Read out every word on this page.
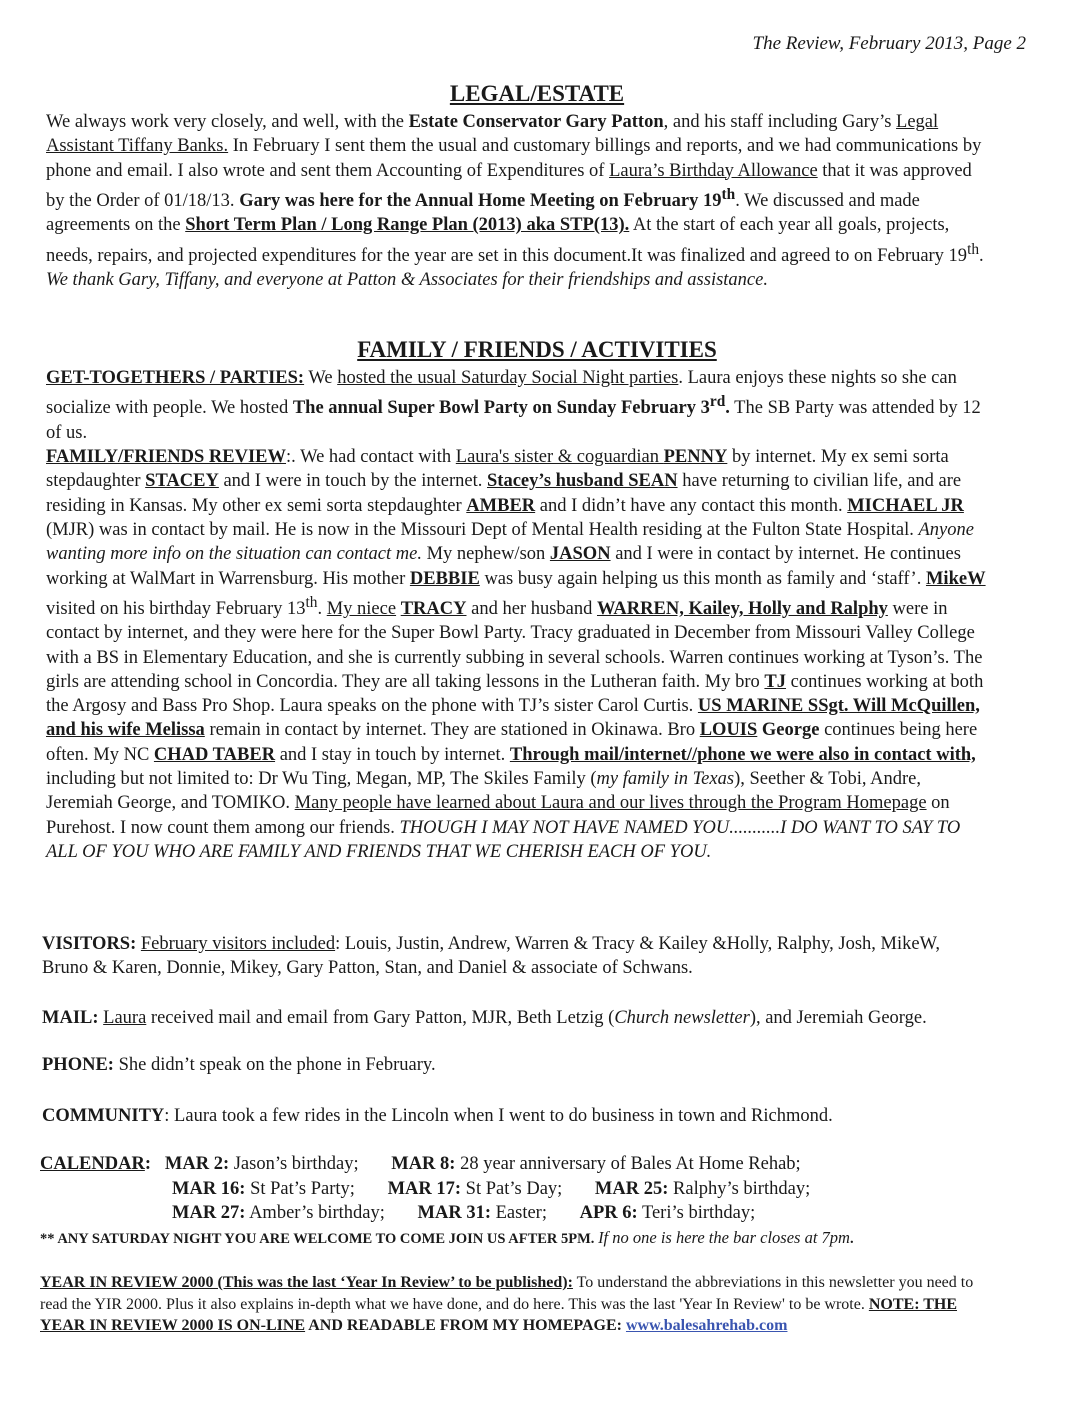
The Review, February 2013, Page 2
LEGAL/ESTATE

We always work very closely, and well, with the Estate Conservator Gary Patton, and his staff including Gary’s Legal Assistant Tiffany Banks. In February I sent them the usual and customary billings and reports, and we had communications by phone and email. I also wrote and sent them Accounting of Expenditures of Laura’s Birthday Allowance that it was approved by the Order of 01/18/13. Gary was here for the Annual Home Meeting on February 19th. We discussed and made agreements on the Short Term Plan / Long Range Plan (2013) aka STP(13). At the start of each year all goals, projects, needs, repairs, and projected expenditures for the year are set in this document.It was finalized and agreed to on February 19th. We thank Gary, Tiffany, and everyone at Patton & Associates for their friendships and assistance.

FAMILY / FRIENDS / ACTIVITIES

GET-TOGETHERS / PARTIES: We hosted the usual Saturday Social Night parties. Laura enjoys these nights so she can socialize with people. We hosted The annual Super Bowl Party on Sunday February 3rd. The SB Party was attended by 12 of us.

FAMILY/FRIENDS REVIEW:. We had contact with Laura's sister & coguardian PENNY by internet. My ex semi sorta stepdaughter STACEY and I were in touch by the internet. Stacey’s husband SEAN have returning to civilian life, and are residing in Kansas. My other ex semi sorta stepdaughter AMBER and I didn’t have any contact this month. MICHAEL JR (MJR) was in contact by mail. He is now in the Missouri Dept of Mental Health residing at the Fulton State Hospital. Anyone wanting more info on the situation can contact me. My nephew/son JASON and I were in contact by internet. He continues working at WalMart in Warrensburg. His mother DEBBIE was busy again helping us this month as family and ‘staff’. MikeW visited on his birthday February 13th. My niece TRACY and her husband WARREN, Kailey, Holly and Ralphy were in contact by internet, and they were here for the Super Bowl Party. Tracy graduated in December from Missouri Valley College with a BS in Elementary Education, and she is currently subbing in several schools. Warren continues working at Tyson’s. The girls are attending school in Concordia. They are all taking lessons in the Lutheran faith. My bro TJ continues working at both the Argosy and Bass Pro Shop. Laura speaks on the phone with TJ’s sister Carol Curtis. US MARINE SSgt. Will McQuillen, and his wife Melissa remain in contact by internet. They are stationed in Okinawa. Bro LOUIS George continues being here often. My NC CHAD TABER and I stay in touch by internet. Through mail/internet//phone we were also in contact with, including but not limited to: Dr Wu Ting, Megan, MP, The Skiles Family (my family in Texas), Seether & Tobi, Andre, Jeremiah George, and TOMIKO. Many people have learned about Laura and our lives through the Program Homepage on Purehost. I now count them among our friends. THOUGH I MAY NOT HAVE NAMED YOU...........I DO WANT TO SAY TO ALL OF YOU WHO ARE FAMILY AND FRIENDS THAT WE CHERISH EACH OF YOU.

VISITORS: February visitors included: Louis, Justin, Andrew, Warren & Tracy & Kailey &Holly, Ralphy, Josh, MikeW, Bruno & Karen, Donnie, Mikey, Gary Patton, Stan, and Daniel & associate of Schwans.

MAIL: Laura received mail and email from Gary Patton, MJR, Beth Letzig (Church newsletter), and Jeremiah George.

PHONE: She didn’t speak on the phone in February.

COMMUNITY: Laura took a few rides in the Lincoln when I went to do business in town and Richmond.

CALENDAR: MAR 2: Jason’s birthday; MAR 8: 28 year anniversary of Bales At Home Rehab;
MAR 16: St Pat’s Party; MAR 17: St Pat’s Day; MAR 25: Ralphy’s birthday;
MAR 27: Amber’s birthday; MAR 31: Easter; APR 6: Teri’s birthday;
** ANY SATURDAY NIGHT YOU ARE WELCOME TO COME JOIN US AFTER 5PM. If no one is here the bar closes at 7pm.

YEAR IN REVIEW 2000 (This was the last ‘Year In Review’ to be published): To understand the abbreviations in this newsletter you need to read the YIR 2000. Plus it also explains in-depth what we have done, and do here. This was the last 'Year In Review' to be wrote. NOTE: THE YEAR IN REVIEW 2000 IS ON-LINE AND READABLE FROM MY HOMEPAGE: www.balesahrehab.com
